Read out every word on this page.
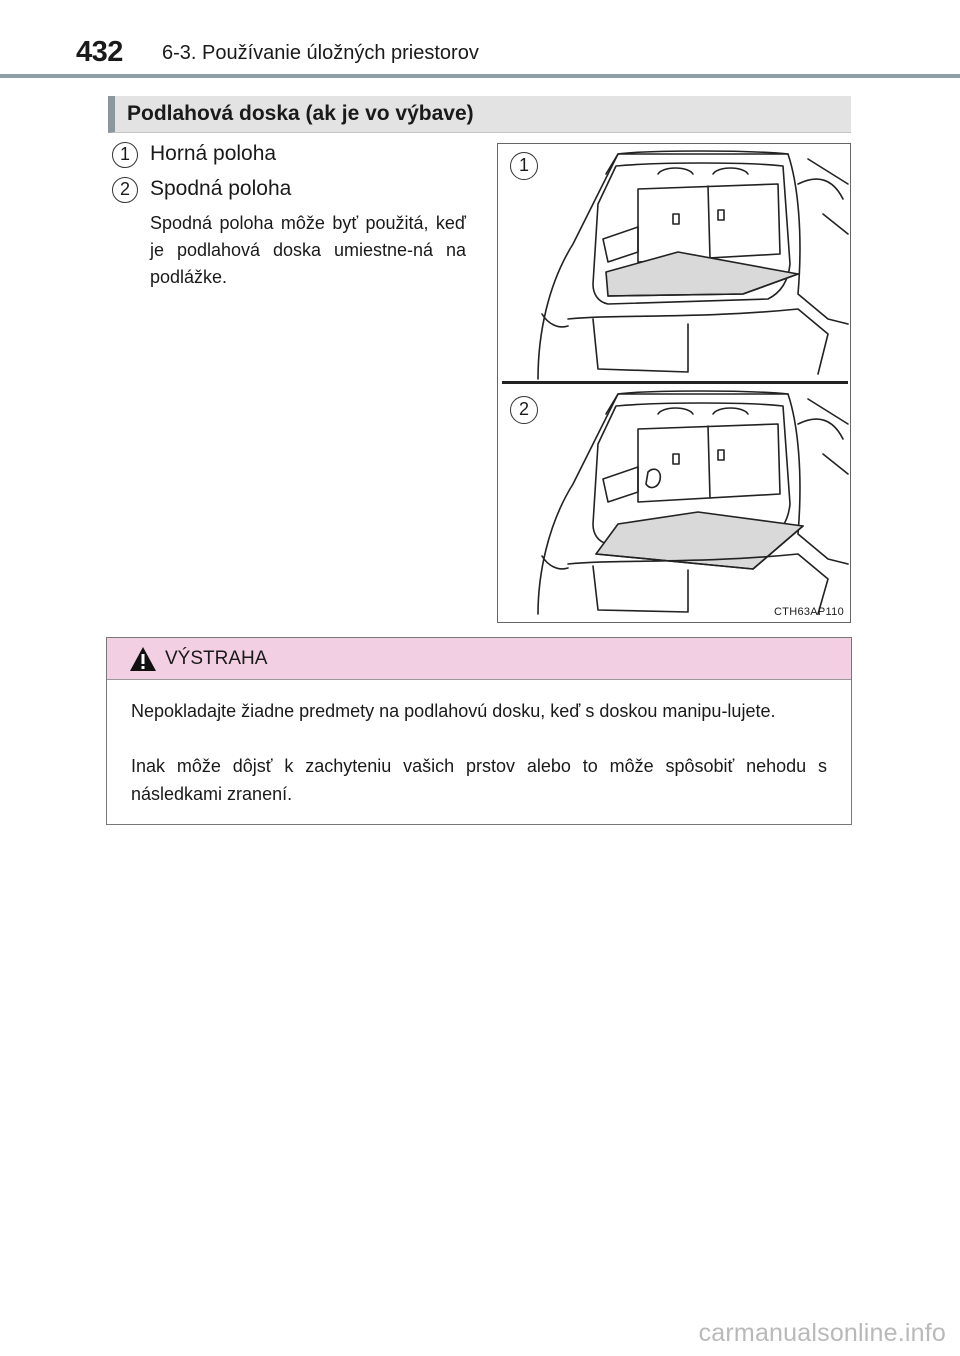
432 6-3. Používanie úložných priestorov
Podlahová doska (ak je vo výbave)
1 Horná poloha
2 Spodná poloha
Spodná poloha môže byť použitá, keď je podlahová doska umiestne-ná na podlážke.
1
2
CTH63AP110
VÝSTRAHA
Nepokladajte žiadne predmety na podlahovú dosku, keď s doskou manipu-lujete.
Inak môže dôjsť k zachyteniu vašich prstov alebo to môže spôsobiť nehodu s následkami zranení.
carmanualsonline.info
